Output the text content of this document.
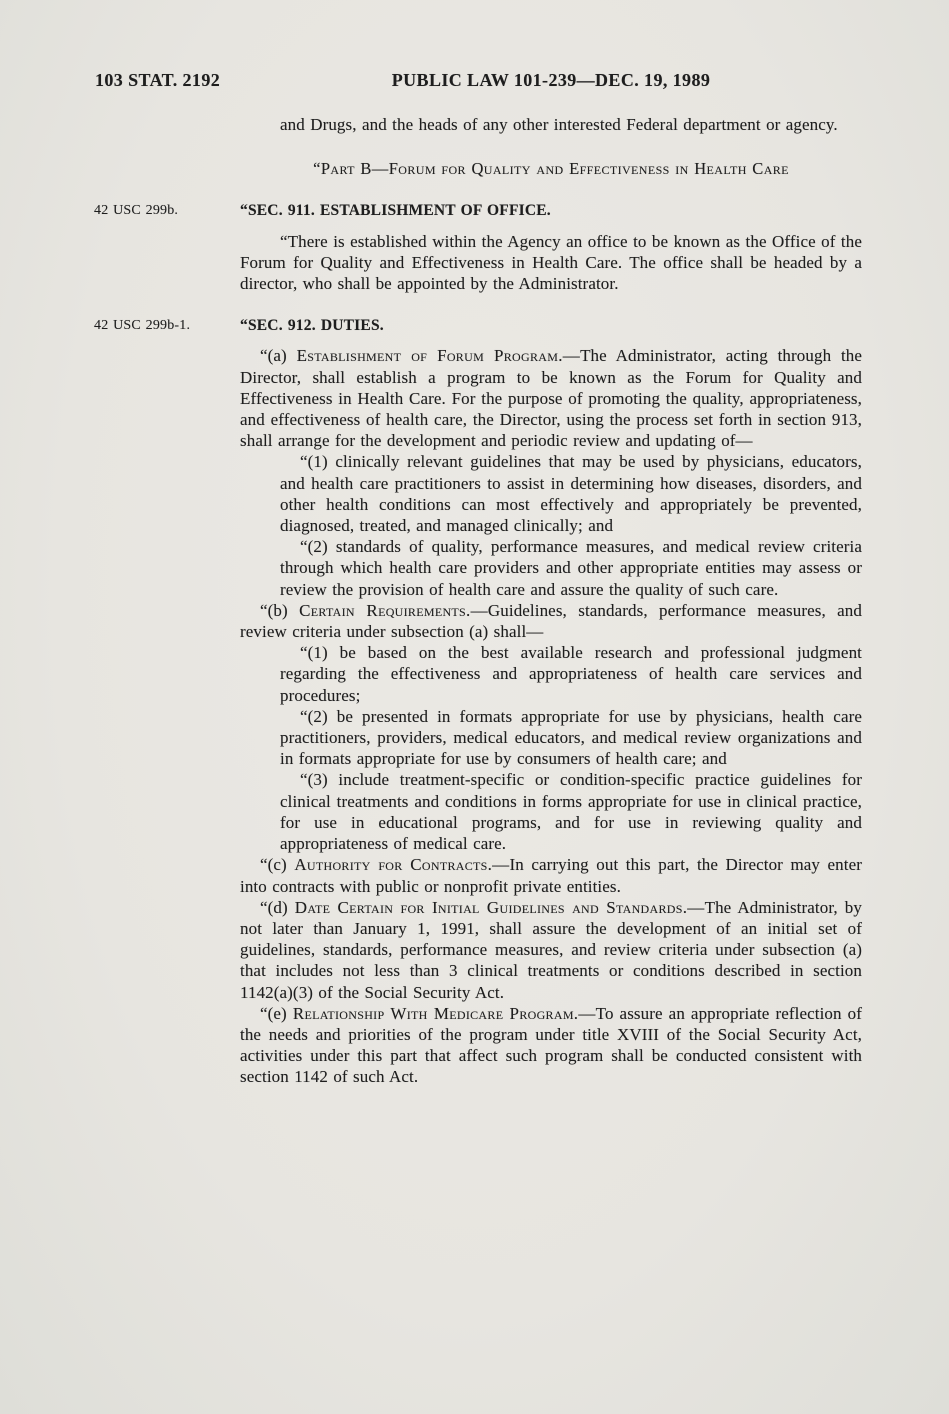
103 STAT. 2192	PUBLIC LAW 101-239—DEC. 19, 1989

and Drugs, and the heads of any other interested Federal department or agency.

“Part B—Forum for Quality and Effectiveness in Health Care
42 USC 299b.	“SEC. 911. ESTABLISHMENT OF OFFICE.

“There is established within the Agency an office to be known as the Office of the Forum for Quality and Effectiveness in Health Care. The office shall be headed by a director, who shall be appointed by the Administrator.

42 USC 299b-1.	“SEC. 912. DUTIES.

“(a) Establishment of Forum Program.—The Administrator, acting through the Director, shall establish a program to be known as the Forum for Quality and Effectiveness in Health Care. For the purpose of promoting the quality, appropriateness, and effectiveness of health care, the Director, using the process set forth in section 913, shall arrange for the development and periodic review and updating of—

“(1) clinically relevant guidelines that may be used by physicians, educators, and health care practitioners to assist in determining how diseases, disorders, and other health conditions can most effectively and appropriately be prevented, diagnosed, treated, and managed clinically; and

“(2) standards of quality, performance measures, and medical review criteria through which health care providers and other appropriate entities may assess or review the provision of health care and assure the quality of such care.

“(b) Certain Requirements.—Guidelines, standards, performance measures, and review criteria under subsection (a) shall—

“(1) be based on the best available research and professional judgment regarding the effectiveness and appropriateness of health care services and procedures;

“(2) be presented in formats appropriate for use by physicians, health care practitioners, providers, medical educators, and medical review organizations and in formats appropriate for use by consumers of health care; and

“(3) include treatment-specific or condition-specific practice guidelines for clinical treatments and conditions in forms appropriate for use in clinical practice, for use in educational programs, and for use in reviewing quality and appropriateness of medical care.

“(c) Authority for Contracts.—In carrying out this part, the Director may enter into contracts with public or nonprofit private entities.

“(d) Date Certain for Initial Guidelines and Standards.—The Administrator, by not later than January 1, 1991, shall assure the development of an initial set of guidelines, standards, performance measures, and review criteria under subsection (a) that includes not less than 3 clinical treatments or conditions described in section 1142(a)(3) of the Social Security Act.

“(e) Relationship With Medicare Program.—To assure an appropriate reflection of the needs and priorities of the program under title XVIII of the Social Security Act, activities under this part that affect such program shall be conducted consistent with section 1142 of such Act.
